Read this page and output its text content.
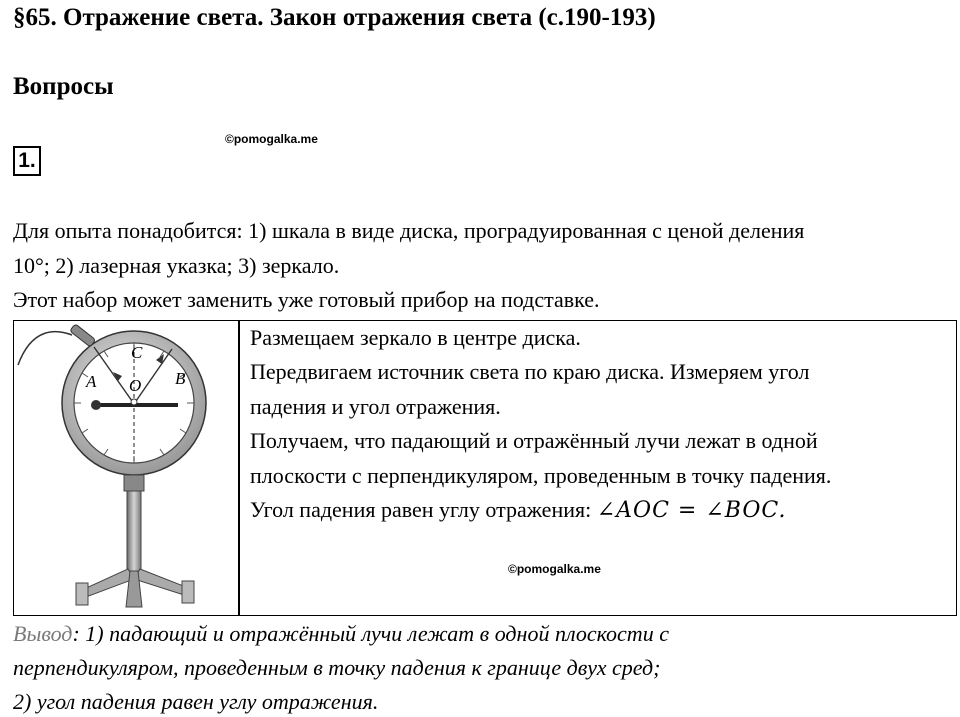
§65. Отражение света. Закон отражения света (с.190-193)
Вопросы
©pomogalka.me
1.
Для опыта понадобится: 1) шкала в виде диска, проградуированная с ценой деления
10°; 2) лазерная указка; 3) зеркало.
Этот набор может заменить уже готовый прибор на подставке.
A	B
C
O
Размещаем зеркало в центре диска.
Передвигаем источник света по краю диска. Измеряем угол
падения и угол отражения.
Получаем, что падающий и отражённый лучи лежат в одной
плоскости с перпендикуляром, проведенным в точку падения.
Угол падения равен углу отражения: ∠AOC = ∠BOC.
©pomogalka.me
Вывод: 1) падающий и отражённый лучи лежат в одной плоскости с
перпендикуляром, проведенным в точку падения к границе двух сред;
2) угол падения равен углу отражения.
